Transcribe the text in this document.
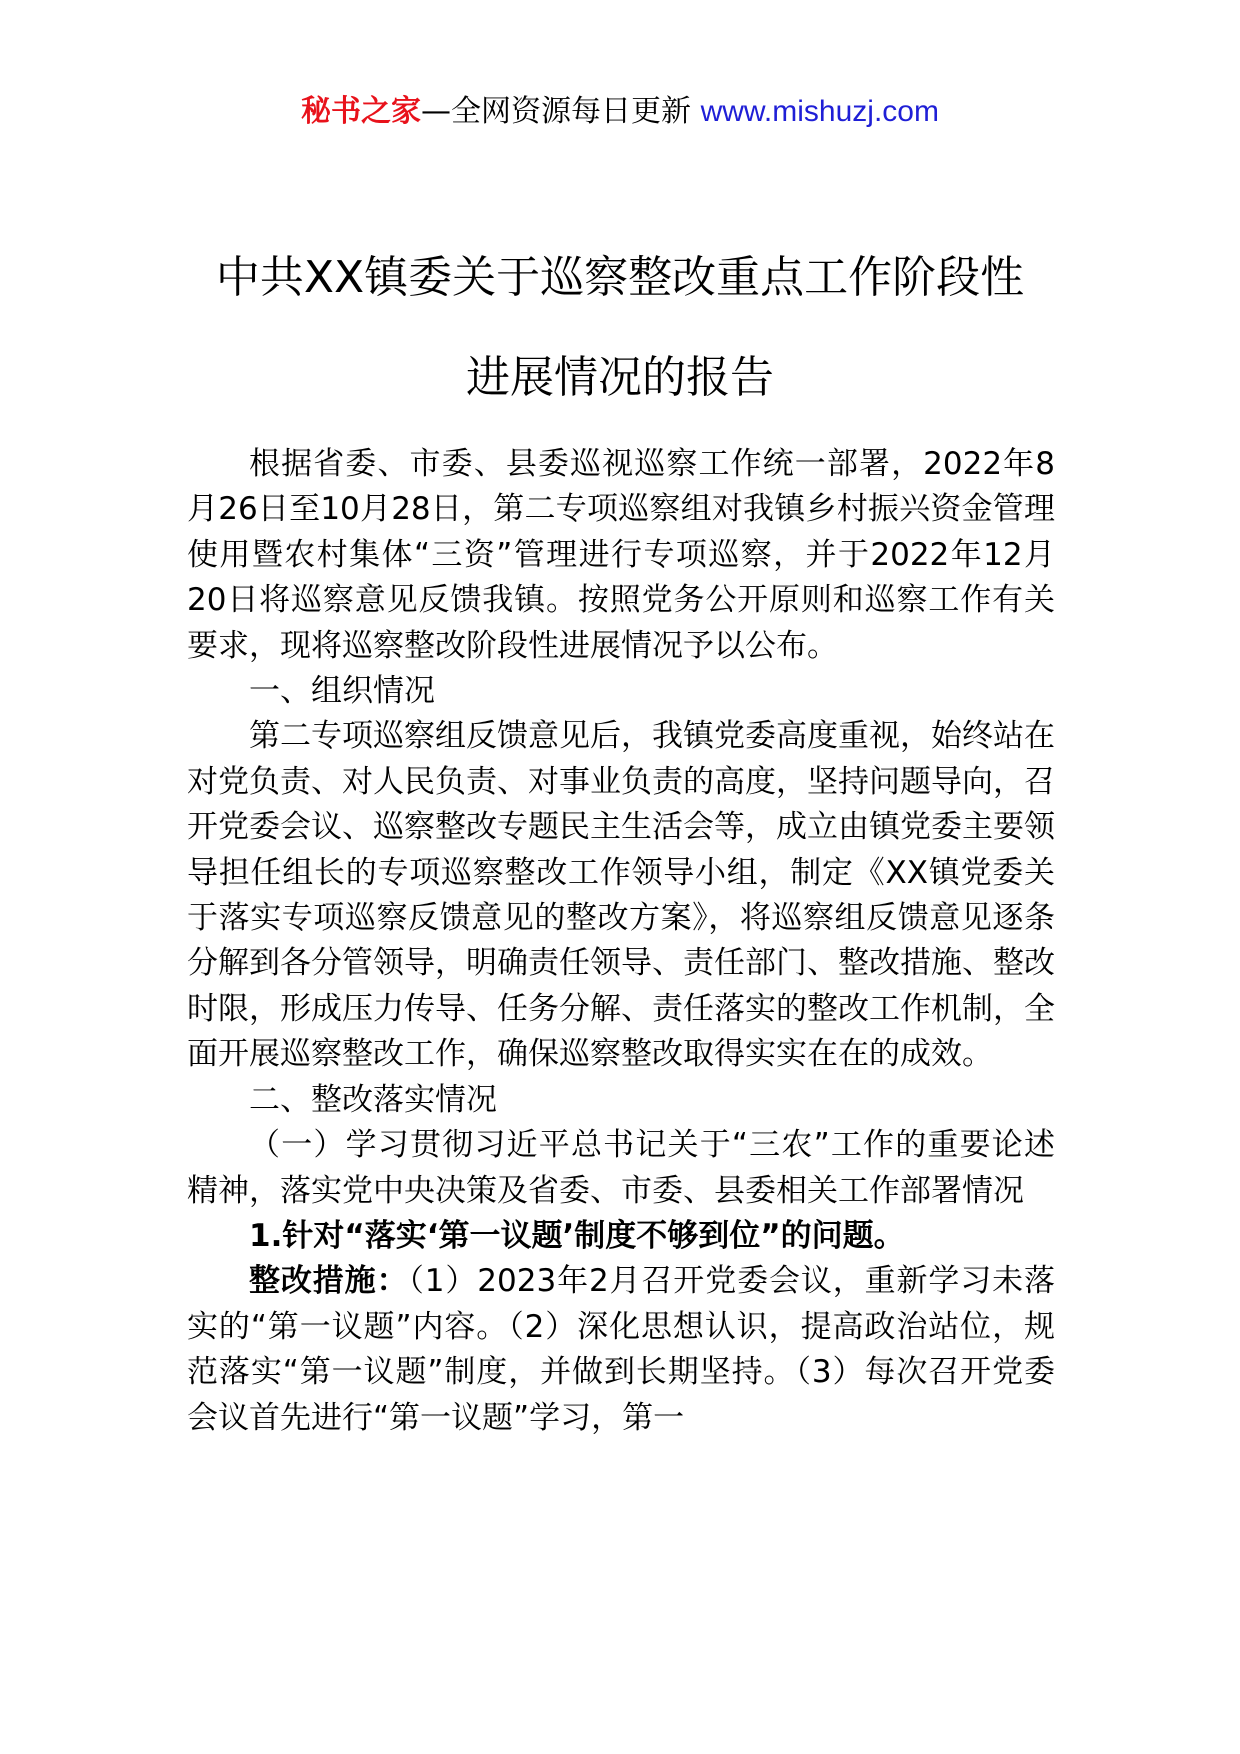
秘书之家—全网资源每日更新 www.mishuzj.com
中共XX镇委关于巡察整改重点工作阶段性
进展情况的报告

根据省委、市委、县委巡视巡察工作统一部署，2022年8月26日至10月28日，第二专项巡察组对我镇乡村振兴资金管理使用暨农村集体“三资”管理进行专项巡察，并于2022年12月20日将巡察意见反馈我镇。按照党务公开原则和巡察工作有关要求，现将巡察整改阶段性进展情况予以公布。

一、组织情况

第二专项巡察组反馈意见后，我镇党委高度重视，始终站在对党负责、对人民负责、对事业负责的高度，坚持问题导向，召开党委会议、巡察整改专题民主生活会等，成立由镇党委主要领导担任组长的专项巡察整改工作领导小组，制定《XX镇党委关于落实专项巡察反馈意见的整改方案》，将巡察组反馈意见逐条分解到各分管领导，明确责任领导、责任部门、整改措施、整改时限，形成压力传导、任务分解、责任落实的整改工作机制，全面开展巡察整改工作，确保巡察整改取得实实在在的成效。

二、整改落实情况

（一）学习贯彻习近平总书记关于“三农”工作的重要论述精神，落实党中央决策及省委、市委、县委相关工作部署情况

1.针对“落实‘第一议题’制度不够到位”的问题。

整改措施：（1）2023年2月召开党委会议，重新学习未落实的“第一议题”内容。（2）深化思想认识，提高政治站位，规范落实“第一议题”制度，并做到长期坚持。（3）每次召开党委会议首先进行“第一议题”学习，第一
